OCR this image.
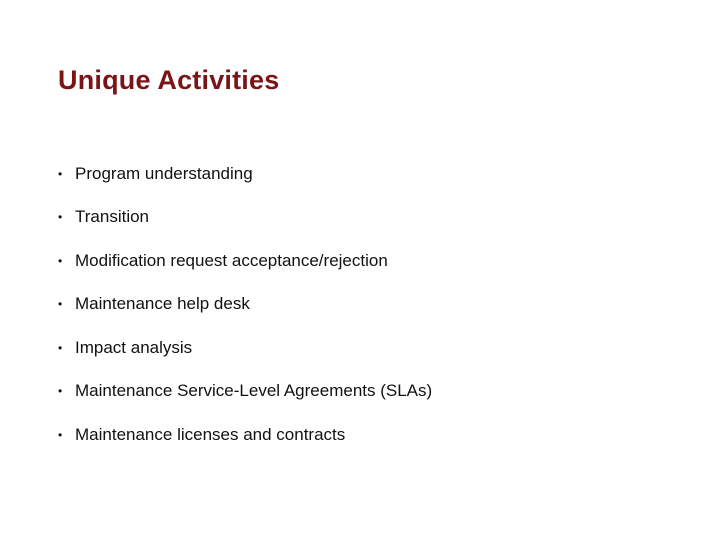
Unique Activities
• Program understanding
• Transition
• Modification request acceptance/rejection
• Maintenance help desk
• Impact analysis
• Maintenance Service-Level Agreements (SLAs)
• Maintenance licenses and contracts
